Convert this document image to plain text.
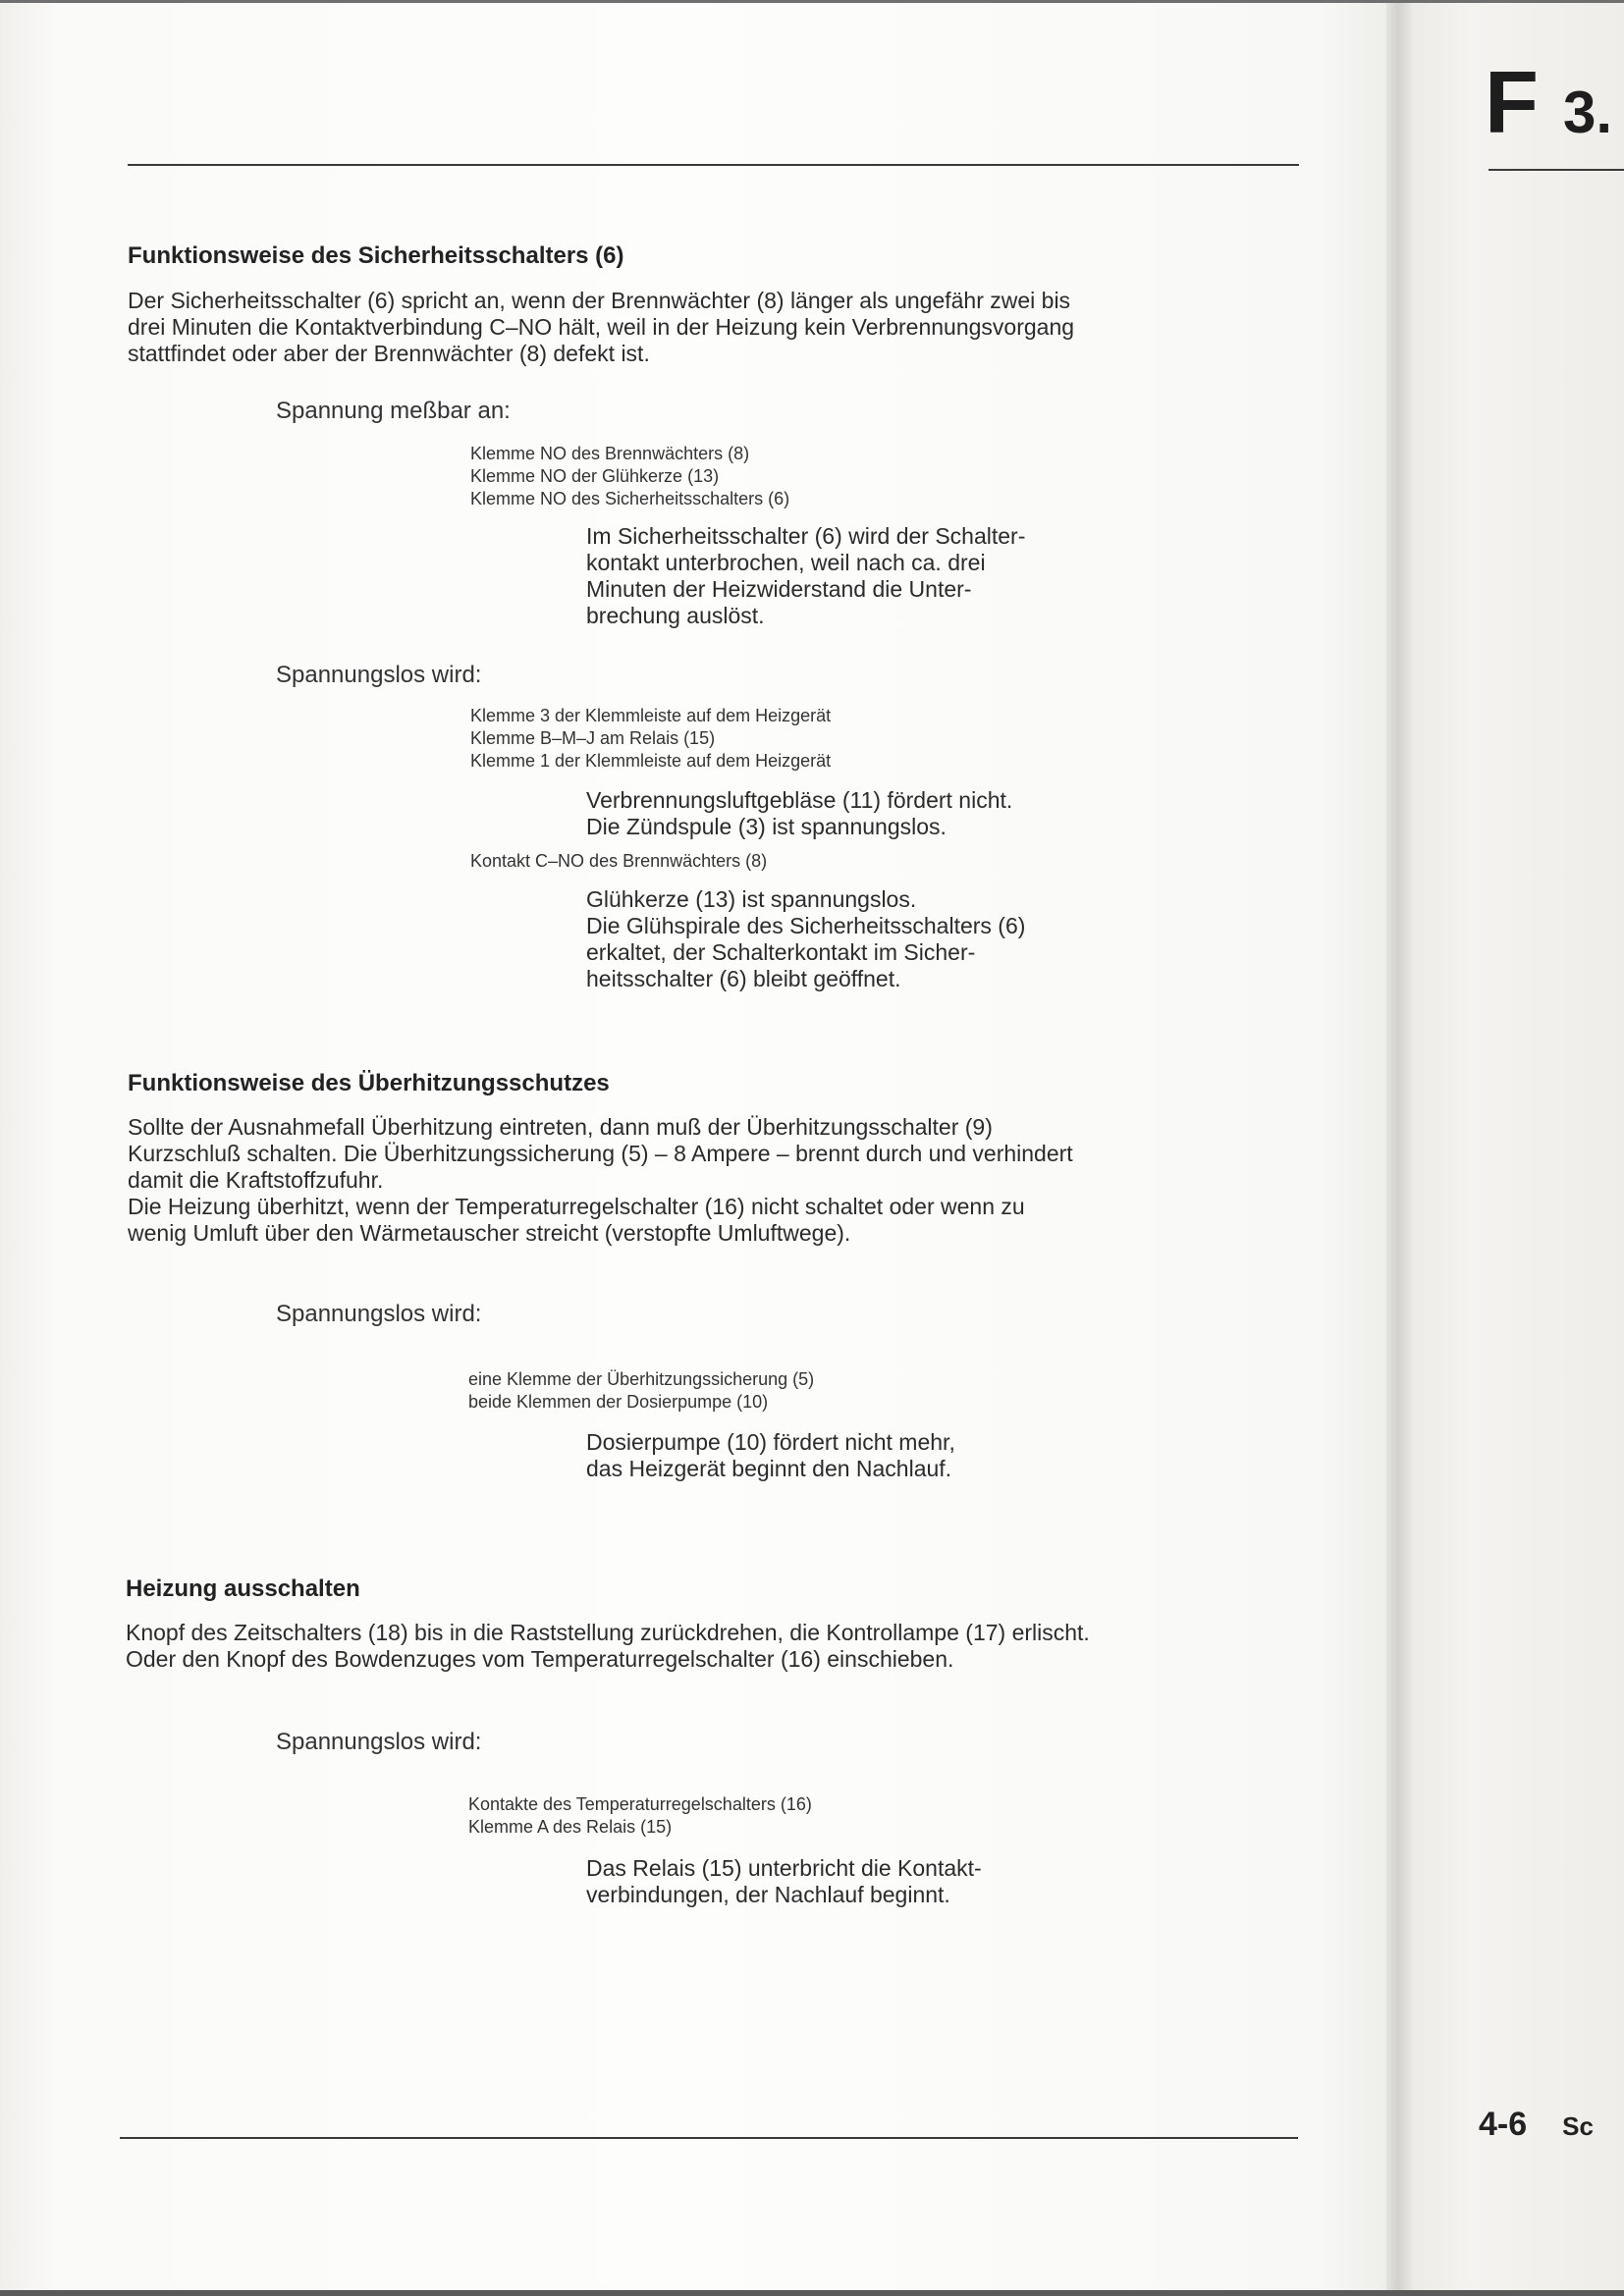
F 3.
Funktionsweise des Sicherheitsschalters (6)
Der Sicherheitsschalter (6) spricht an, wenn der Brennwächter (8) länger als ungefähr zwei bis
drei Minuten die Kontaktverbindung C–NO hält, weil in der Heizung kein Verbrennungsvorgang
stattfindet oder aber der Brennwächter (8) defekt ist.
Spannung meßbar an:
Klemme NO des Brennwächters (8)
Klemme NO der Glühkerze (13)
Klemme NO des Sicherheitsschalters (6)
Im Sicherheitsschalter (6) wird der Schalter-
kontakt unterbrochen, weil nach ca. drei
Minuten der Heizwiderstand die Unter-
brechung auslöst.
Spannungslos wird:
Klemme 3 der Klemmleiste auf dem Heizgerät
Klemme B–M–J am Relais (15)
Klemme 1 der Klemmleiste auf dem Heizgerät
Verbrennungsluftgebläse (11) fördert nicht.
Die Zündspule (3) ist spannungslos.
Kontakt C–NO des Brennwächters (8)
Glühkerze (13) ist spannungslos.
Die Glühspirale des Sicherheitsschalters (6)
erkaltet, der Schalterkontakt im Sicher-
heitsschalter (6) bleibt geöffnet.
Funktionsweise des Überhitzungsschutzes
Sollte der Ausnahmefall Überhitzung eintreten, dann muß der Überhitzungsschalter (9)
Kurzschluß schalten. Die Überhitzungssicherung (5) – 8 Ampere – brennt durch und verhindert
damit die Kraftstoffzufuhr.
Die Heizung überhitzt, wenn der Temperaturregelschalter (16) nicht schaltet oder wenn zu
wenig Umluft über den Wärmetauscher streicht (verstopfte Umluftwege).
Spannungslos wird:
eine Klemme der Überhitzungssicherung (5)
beide Klemmen der Dosierpumpe (10)
Dosierpumpe (10) fördert nicht mehr,
das Heizgerät beginnt den Nachlauf.
Heizung ausschalten
Knopf des Zeitschalters (18) bis in die Raststellung zurückdrehen, die Kontrollampe (17) erlischt.
Oder den Knopf des Bowdenzuges vom Temperaturregelschalter (16) einschieben.
Spannungslos wird:
Kontakte des Temperaturregelschalters (16)
Klemme A des Relais (15)
Das Relais (15) unterbricht die Kontakt-
verbindungen, der Nachlauf beginnt.
4-6 Sc
